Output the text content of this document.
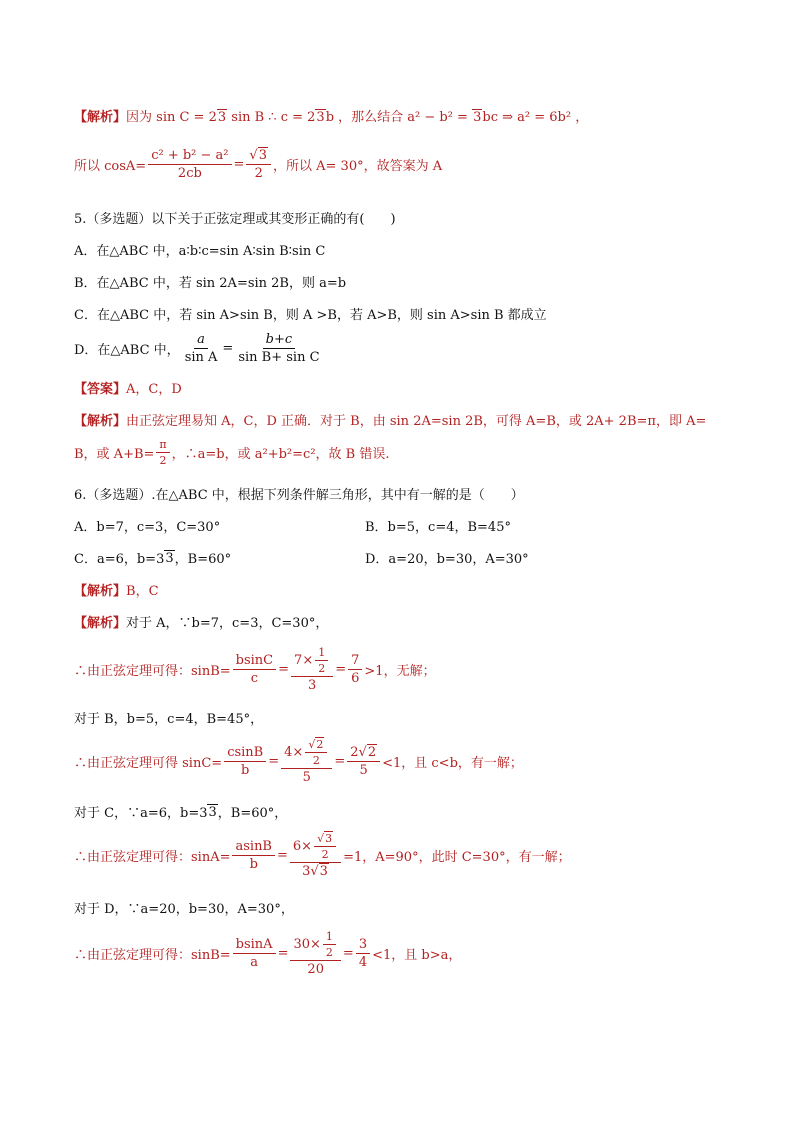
【解析】 因为 sin C = 23 sin B ∴ c = 23b ，那么结合 a² − b² = 3bc ⇒ a² = 6b² ，
所以 $\cos A= \frac{\text{c² + b² − a²}}{2cb} = \frac{√3}{2}$ ，所以 A= 30°，故答案为 A
5.（多选题）以下关于正弦定理或其变形正确的有(　　)
A．在△ABC 中，a∶b∶c=sin A∶sin B∶sin C
B．在△ABC 中，若 sin 2A=sin 2B，则 a=b
C．在△ABC 中，若 sin A>sin B，则 A >B，若 A>B，则 sin A>sin B 都成立
D．在△ABC 中， $\frac{a}{\text{sin A}} = \frac{b+c}{\text{sin B+ sin C}}$
【答案】 A，C，D
【解析】 由正弦定理易知 A，C，D 正确．对于 B，由 sin 2A=sin 2B，可得 A=B，或 2A+ 2B=π，即 A=
B，或 $A+B= \frac{\pi}{2}$ ，∴a=b，或 a²+b²=c²，故 B 错误.
6.（多选题）.在△ABC 中，根据下列条件解三角形，其中有一解的是（　　）
A．b=7，c=3，C=30°	B．b=5，c=4，B=45°
C．a=6，b=3 3 ，B=60°	D．a=20，b=30，A=30°
【解析】 B，C
【解析】 对于 A，∵b=7，c=3，C=30°，
∴由正弦定理可得：$\sin B= \frac{bsinC}{c} = \frac{7\times \frac{1}{2}}{3} = \frac{7}{6} >1$，无解；
对于 B，b=5，c=4，B=45°，
∴由正弦定理可得 $\sin C= \frac{csinB}{b} = \frac{4\times \frac{√2}{2}}{5} = \frac{2√2}{5} <1$，且 c<b，有一解；
对于 C，∵a=6，b=3 3 ，B=60°，
∴由正弦定理可得：$\sin A= \frac{asinB}{b} = \frac{6\times \frac{√3}{2}}{3√3} =1$，A=90°，此时 C=30°，有一解；
对于 D，∵a=20，b=30，A=30°，
∴由正弦定理可得：$\sin B= \frac{bsinA}{a} = \frac{30\times \frac{1}{2}}{20} = \frac{3}{4} <1$，且 b>a，
